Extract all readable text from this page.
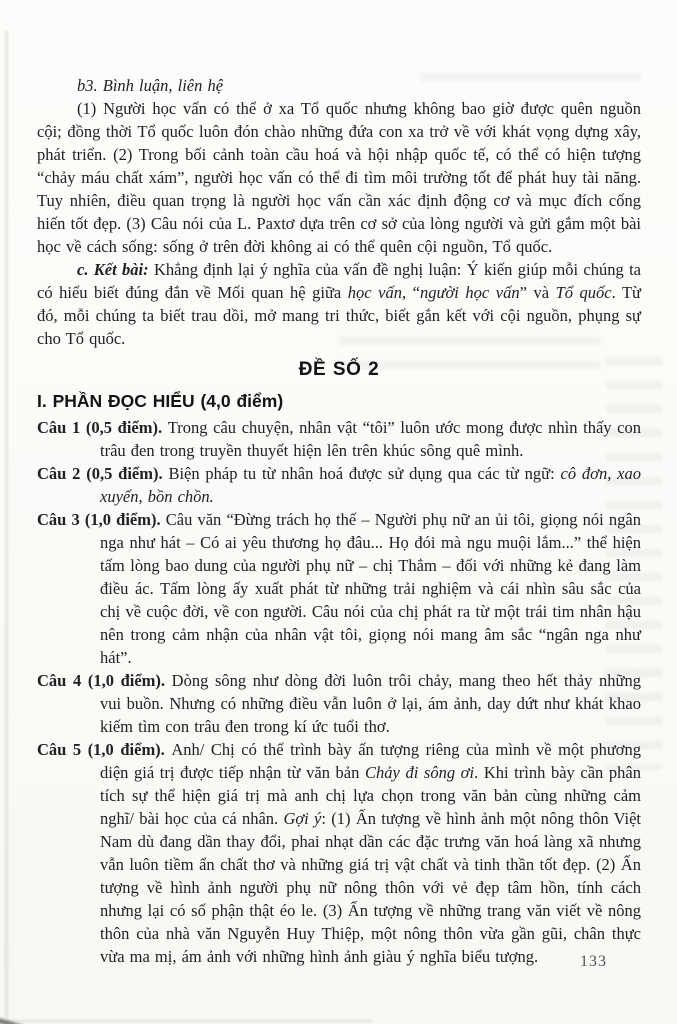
b3. Bình luận, liên hệ

(1) Người học vấn có thể ở xa Tổ quốc nhưng không bao giờ được quên nguồn cội; đồng thời Tổ quốc luôn đón chào những đứa con xa trở về với khát vọng dựng xây, phát triển. (2) Trong bối cảnh toàn cầu hoá và hội nhập quốc tế, có thể có hiện tượng “chảy máu chất xám”, người học vấn có thể đi tìm môi trường tốt để phát huy tài năng. Tuy nhiên, điều quan trọng là người học vấn cần xác định động cơ và mục đích cống hiến tốt đẹp. (3) Câu nói của L. Paxtơ dựa trên cơ sở của lòng người và gửi gắm một bài học về cách sống: sống ở trên đời không ai có thể quên cội nguồn, Tổ quốc.

c. Kết bài: Khẳng định lại ý nghĩa của vấn đề nghị luận: Ý kiến giúp mỗi chúng ta có hiểu biết đúng đắn về Mối quan hệ giữa học vấn, “người học vấn” và Tổ quốc. Từ đó, mỗi chúng ta biết trau dồi, mở mang tri thức, biết gắn kết với cội nguồn, phụng sự cho Tổ quốc.

ĐỀ SỐ 2
I. PHẦN ĐỌC HIỂU (4,0 điểm)

Câu 1 (0,5 điểm). Trong câu chuyện, nhân vật “tôi” luôn ước mong được nhìn thấy con trâu đen trong truyền thuyết hiện lên trên khúc sông quê mình.

Câu 2 (0,5 điểm). Biện pháp tu từ nhân hoá được sử dụng qua các từ ngữ: cô đơn, xao xuyến, bồn chồn.

Câu 3 (1,0 điểm). Câu văn “Đừng trách họ thế – Người phụ nữ an ủi tôi, giọng nói ngân nga như hát – Có ai yêu thương họ đâu... Họ đói mà ngu muội lắm...” thể hiện tấm lòng bao dung của người phụ nữ – chị Thắm – đối với những kẻ đang làm điều ác. Tấm lòng ấy xuất phát từ những trải nghiệm và cái nhìn sâu sắc của chị về cuộc đời, về con người. Câu nói của chị phát ra từ một trái tim nhân hậu nên trong cảm nhận của nhân vật tôi, giọng nói mang âm sắc “ngân nga như hát”.

Câu 4 (1,0 điểm). Dòng sông như dòng đời luôn trôi chảy, mang theo hết thảy những vui buồn. Nhưng có những điều vẫn luôn ở lại, ám ảnh, day dứt như khát khao kiếm tìm con trâu đen trong kí ức tuổi thơ.

Câu 5 (1,0 điểm). Anh/ Chị có thể trình bày ấn tượng riêng của mình về một phương diện giá trị được tiếp nhận từ văn bản Chảy đi sông ơi. Khi trình bày cần phân tích sự thể hiện giá trị mà anh chị lựa chọn trong văn bản cùng những cảm nghĩ/ bài học của cá nhân. Gợi ý: (1) Ấn tượng về hình ảnh một nông thôn Việt Nam dù đang dần thay đổi, phai nhạt dần các đặc trưng văn hoá làng xã nhưng vẫn luôn tiềm ẩn chất thơ và những giá trị vật chất và tinh thần tốt đẹp. (2) Ấn tượng về hình ảnh người phụ nữ nông thôn với vẻ đẹp tâm hồn, tính cách nhưng lại có số phận thật éo le. (3) Ấn tượng về những trang văn viết về nông thôn của nhà văn Nguyễn Huy Thiệp, một nông thôn vừa gần gũi, chân thực vừa ma mị, ám ảnh với những hình ảnh giàu ý nghĩa biểu tượng.	133
